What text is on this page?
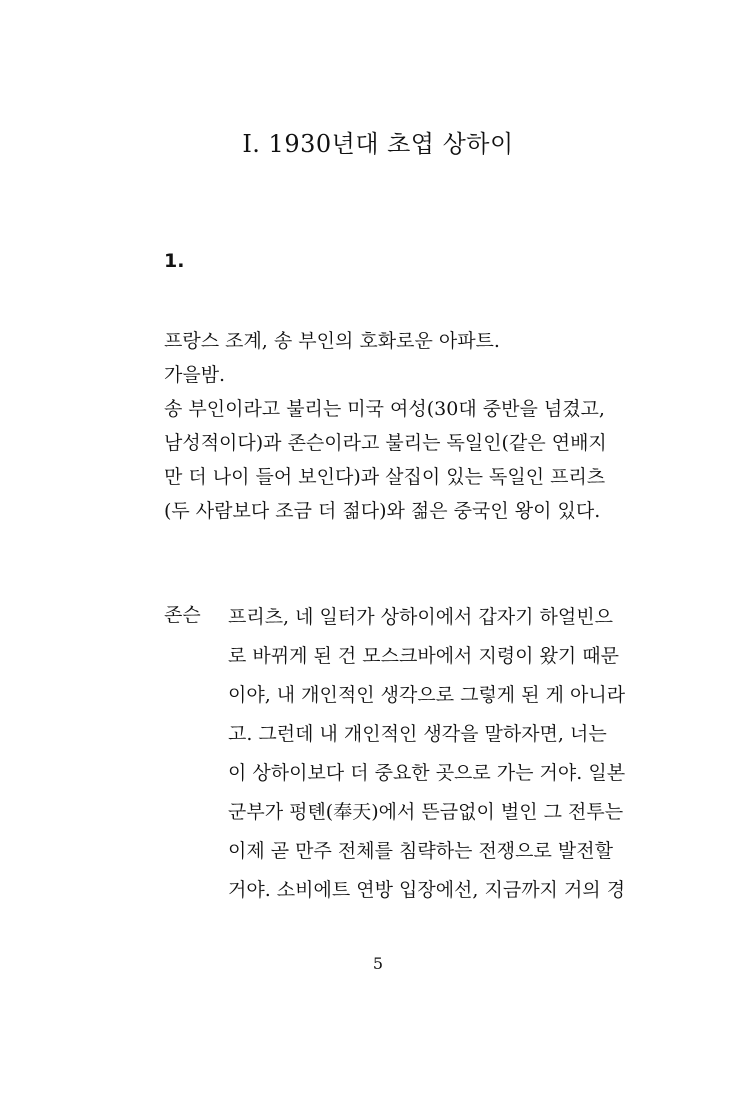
I. 1930년대 초엽 상하이
1.
프랑스 조계, 송 부인의 호화로운 아파트.
가을밤.
송 부인이라고 불리는 미국 여성(30대 중반을 넘겼고,
남성적이다)과 존슨이라고 불리는 독일인(같은 연배지
만 더 나이 들어 보인다)과 살집이 있는 독일인 프리츠
(두 사람보다 조금 더 젊다)와 젊은 중국인 왕이 있다.
존슨 프리츠, 네 일터가 상하이에서 갑자기 하얼빈으
로 바뀌게 된 건 모스크바에서 지령이 왔기 때문
이야, 내 개인적인 생각으로 그렇게 된 게 아니라
고. 그런데 내 개인적인 생각을 말하자면, 너는
이 상하이보다 더 중요한 곳으로 가는 거야. 일본
군부가 펑톈(奉天)에서 뜬금없이 벌인 그 전투는
이제 곧 만주 전체를 침략하는 전쟁으로 발전할
거야. 소비에트 연방 입장에선, 지금까지 거의 경
5
